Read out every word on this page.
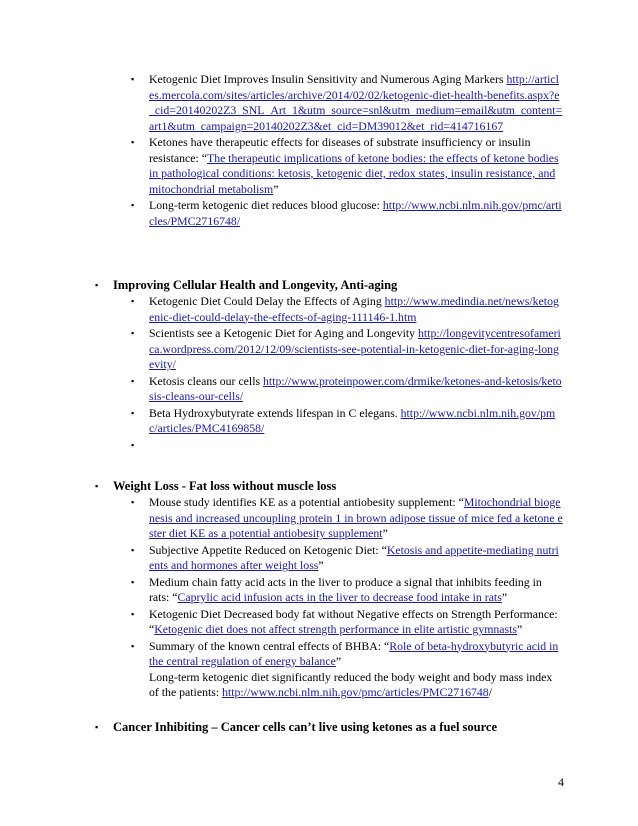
▪ Ketogenic Diet Improves Insulin Sensitivity and Numerous Aging Markers http://articles.mercola.com/sites/articles/archive/2014/02/02/ketogenic-diet-health-benefits.aspx?e_cid=20140202Z3_SNL_Art_1&utm_source=snl&utm_medium=email&utm_content=art1&utm_campaign=20140202Z3&et_cid=DM39012&et_rid=414716167
▪ Ketones have therapeutic effects for diseases of substrate insufficiency or insulin resistance: “The therapeutic implications of ketone bodies: the effects of ketone bodies in pathological conditions: ketosis, ketogenic diet, redox states, insulin resistance, and mitochondrial metabolism”
▪ Long-term ketogenic diet reduces blood glucose: http://www.ncbi.nlm.nih.gov/pmc/articles/PMC2716748/
▪ Improving Cellular Health and Longevity, Anti-aging
▪ Ketogenic Diet Could Delay the Effects of Aging http://www.medindia.net/news/ketogenic-diet-could-delay-the-effects-of-aging-111146-1.htm
▪ Scientists see a Ketogenic Diet for Aging and Longevity http://longevitycentresofamerica.wordpress.com/2012/12/09/scientists-see-potential-in-ketogenic-diet-for-aging-longevity/
▪ Ketosis cleans our cells http://www.proteinpower.com/drmike/ketones-and-ketosis/ketosis-cleans-our-cells/
▪ Beta Hydroxybutyrate extends lifespan in C elegans. http://www.ncbi.nlm.nih.gov/pmc/articles/PMC4169858/
▪

▪ Weight Loss - Fat loss without muscle loss
▪ Mouse study identifies KE as a potential antiobesity supplement: “Mitochondrial biogenesis and increased uncoupling protein 1 in brown adipose tissue of mice fed a ketone ester diet KE as a potential antiobesity supplement”
▪ Subjective Appetite Reduced on Ketogenic Diet: “Ketosis and appetite-mediating nutrients and hormones after weight loss”
▪ Medium chain fatty acid acts in the liver to produce a signal that inhibits feeding in rats: “Caprylic acid infusion acts in the liver to decrease food intake in rats”
▪ Ketogenic Diet Decreased body fat without Negative effects on Strength Performance: “Ketogenic diet does not affect strength performance in elite artistic gymnasts”
▪ Summary of the known central effects of BHBA: “Role of beta-hydroxybutyric acid in the central regulation of energy balance”
Long-term ketogenic diet significantly reduced the body weight and body mass index of the patients: http://www.ncbi.nlm.nih.gov/pmc/articles/PMC2716748/
▪ Cancer Inhibiting – Cancer cells can’t live using ketones as a fuel source
4
